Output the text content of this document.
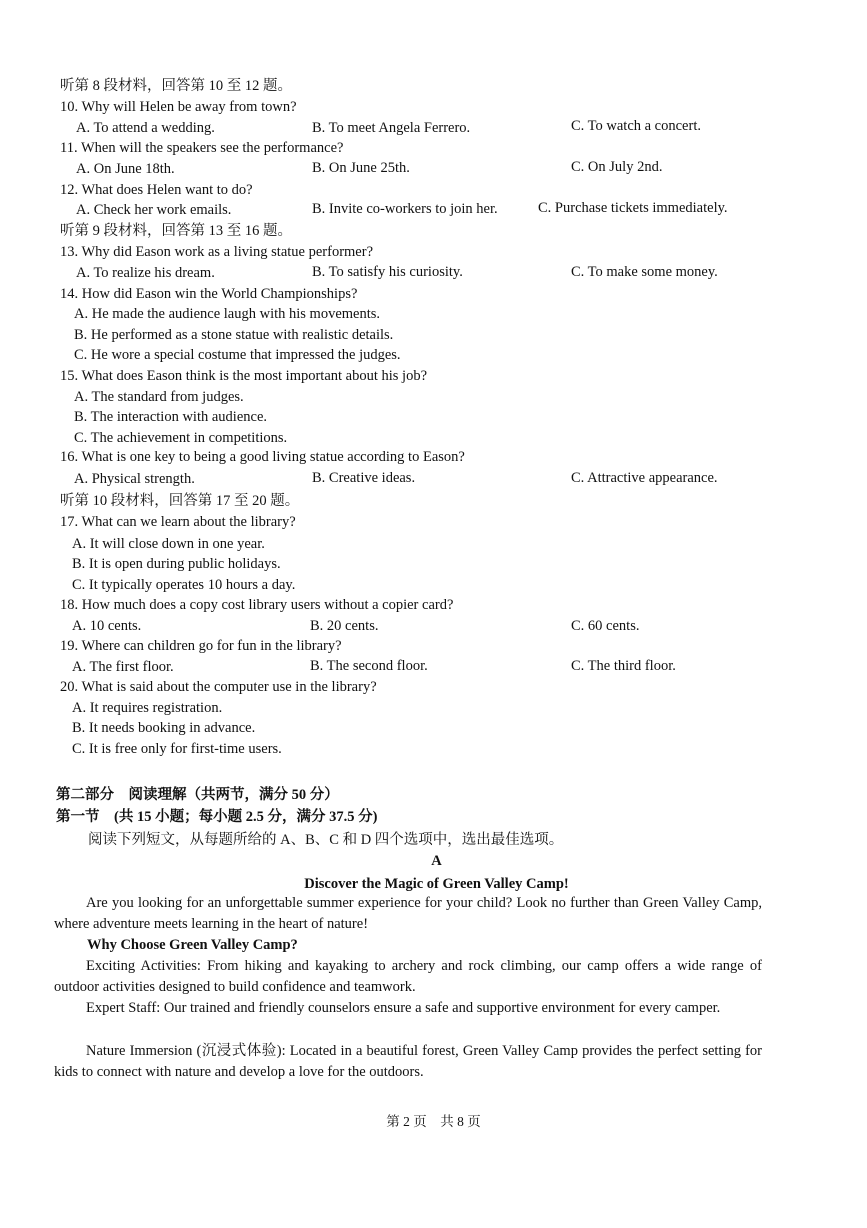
听第 8 段材料，回答第 10 至 12 题。
10. Why will Helen be away from town?
A. To attend a wedding.	B. To meet Angela Ferrero.	C. To watch a concert.
11. When will the speakers see the performance?
A. On June 18th.	B. On June 25th.	C. On July 2nd.
12. What does Helen want to do?
A. Check her work emails.	B. Invite co-workers to join her.	C. Purchase tickets immediately.
听第 9 段材料，回答第 13 至 16 题。
13. Why did Eason work as a living statue performer?
A. To realize his dream.	B. To satisfy his curiosity.	C. To make some money.
14. How did Eason win the World Championships?
A. He made the audience laugh with his movements.
B. He performed as a stone statue with realistic details.
C. He wore a special costume that impressed the judges.
15. What does Eason think is the most important about his job?
A. The standard from judges.
B. The interaction with audience.
C. The achievement in competitions.
16. What is one key to being a good living statue according to Eason?
A. Physical strength.	B. Creative ideas.	C. Attractive appearance.
听第 10 段材料，回答第 17 至 20 题。
17. What can we learn about the library?
A. It will close down in one year.
B. It is open during public holidays.
C. It typically operates 10 hours a day.
18. How much does a copy cost library users without a copier card?
A. 10 cents.	B. 20 cents.	C. 60 cents.
19. Where can children go for fun in the library?
A. The first floor.	B. The second floor.	C. The third floor.
20. What is said about the computer use in the library?
A. It requires registration.
B. It needs booking in advance.
C. It is free only for first-time users.
第二部分　阅读理解（共两节，满分 50 分）
第一节　(共 15 小题；每小题 2.5 分，满分 37.5 分)
阅读下列短文，从每题所给的 A、B、C 和 D 四个选项中，选出最佳选项。
A
Discover the Magic of Green Valley Camp!
Are you looking for an unforgettable summer experience for your child? Look no further than Green Valley Camp, where adventure meets learning in the heart of nature!
Why Choose Green Valley Camp?
Exciting Activities: From hiking and kayaking to archery and rock climbing, our camp offers a wide range of outdoor activities designed to build confidence and teamwork.
Expert Staff: Our trained and friendly counselors ensure a safe and supportive environment for every camper.
Nature Immersion (沉浸式体验): Located in a beautiful forest, Green Valley Camp provides the perfect setting for kids to connect with nature and develop a love for the outdoors.
第 2 页　共 8 页
